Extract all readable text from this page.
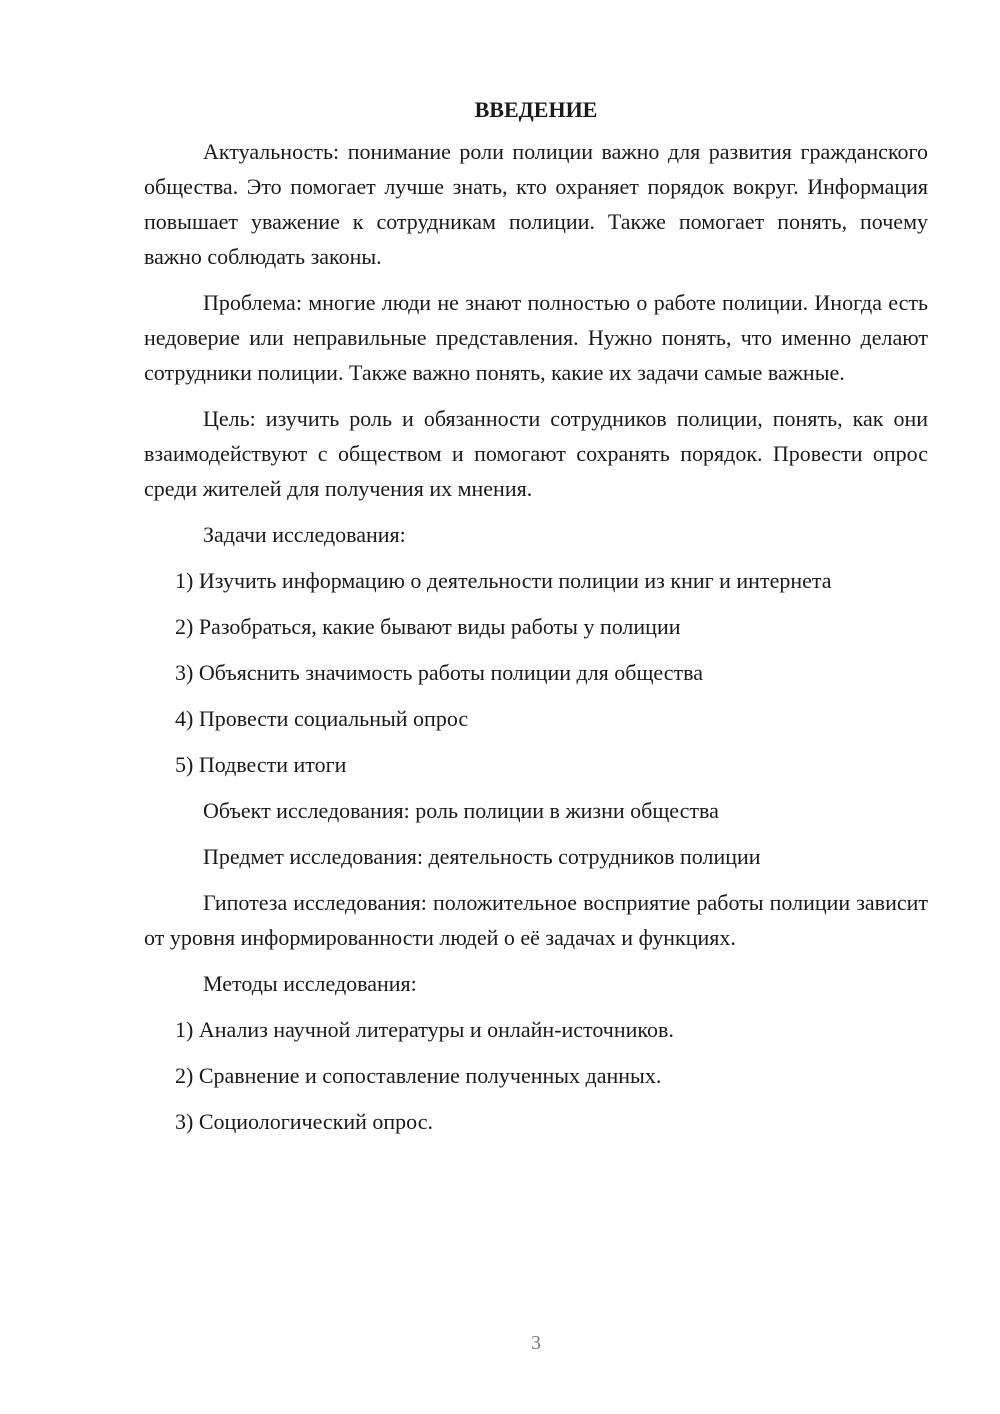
ВВЕДЕНИЕ

Актуальность: понимание роли полиции важно для развития гражданского общества. Это помогает лучше знать, кто охраняет порядок вокруг. Информация повышает уважение к сотрудникам полиции. Также помогает понять, почему важно соблюдать законы.

Проблема: многие люди не знают полностью о работе полиции. Иногда есть недоверие или неправильные представления. Нужно понять, что именно делают сотрудники полиции. Также важно понять, какие их задачи самые важные.

Цель: изучить роль и обязанности сотрудников полиции, понять, как они взаимодействуют с обществом и помогают сохранять порядок. Провести опрос среди жителей для получения их мнения.

Задачи исследования:

1) Изучить информацию о деятельности полиции из книг и интернета

2) Разобраться, какие бывают виды работы у полиции

3) Объяснить значимость работы полиции для общества

4) Провести социальный опрос

5) Подвести итоги

Объект исследования: роль полиции в жизни общества

Предмет исследования: деятельность сотрудников полиции

Гипотеза исследования: положительное восприятие работы полиции зависит от уровня информированности людей о её задачах и функциях.

Методы исследования:

1) Анализ научной литературы и онлайн-источников.

2) Сравнение и сопоставление полученных данных.

3) Социологический опрос.

3
